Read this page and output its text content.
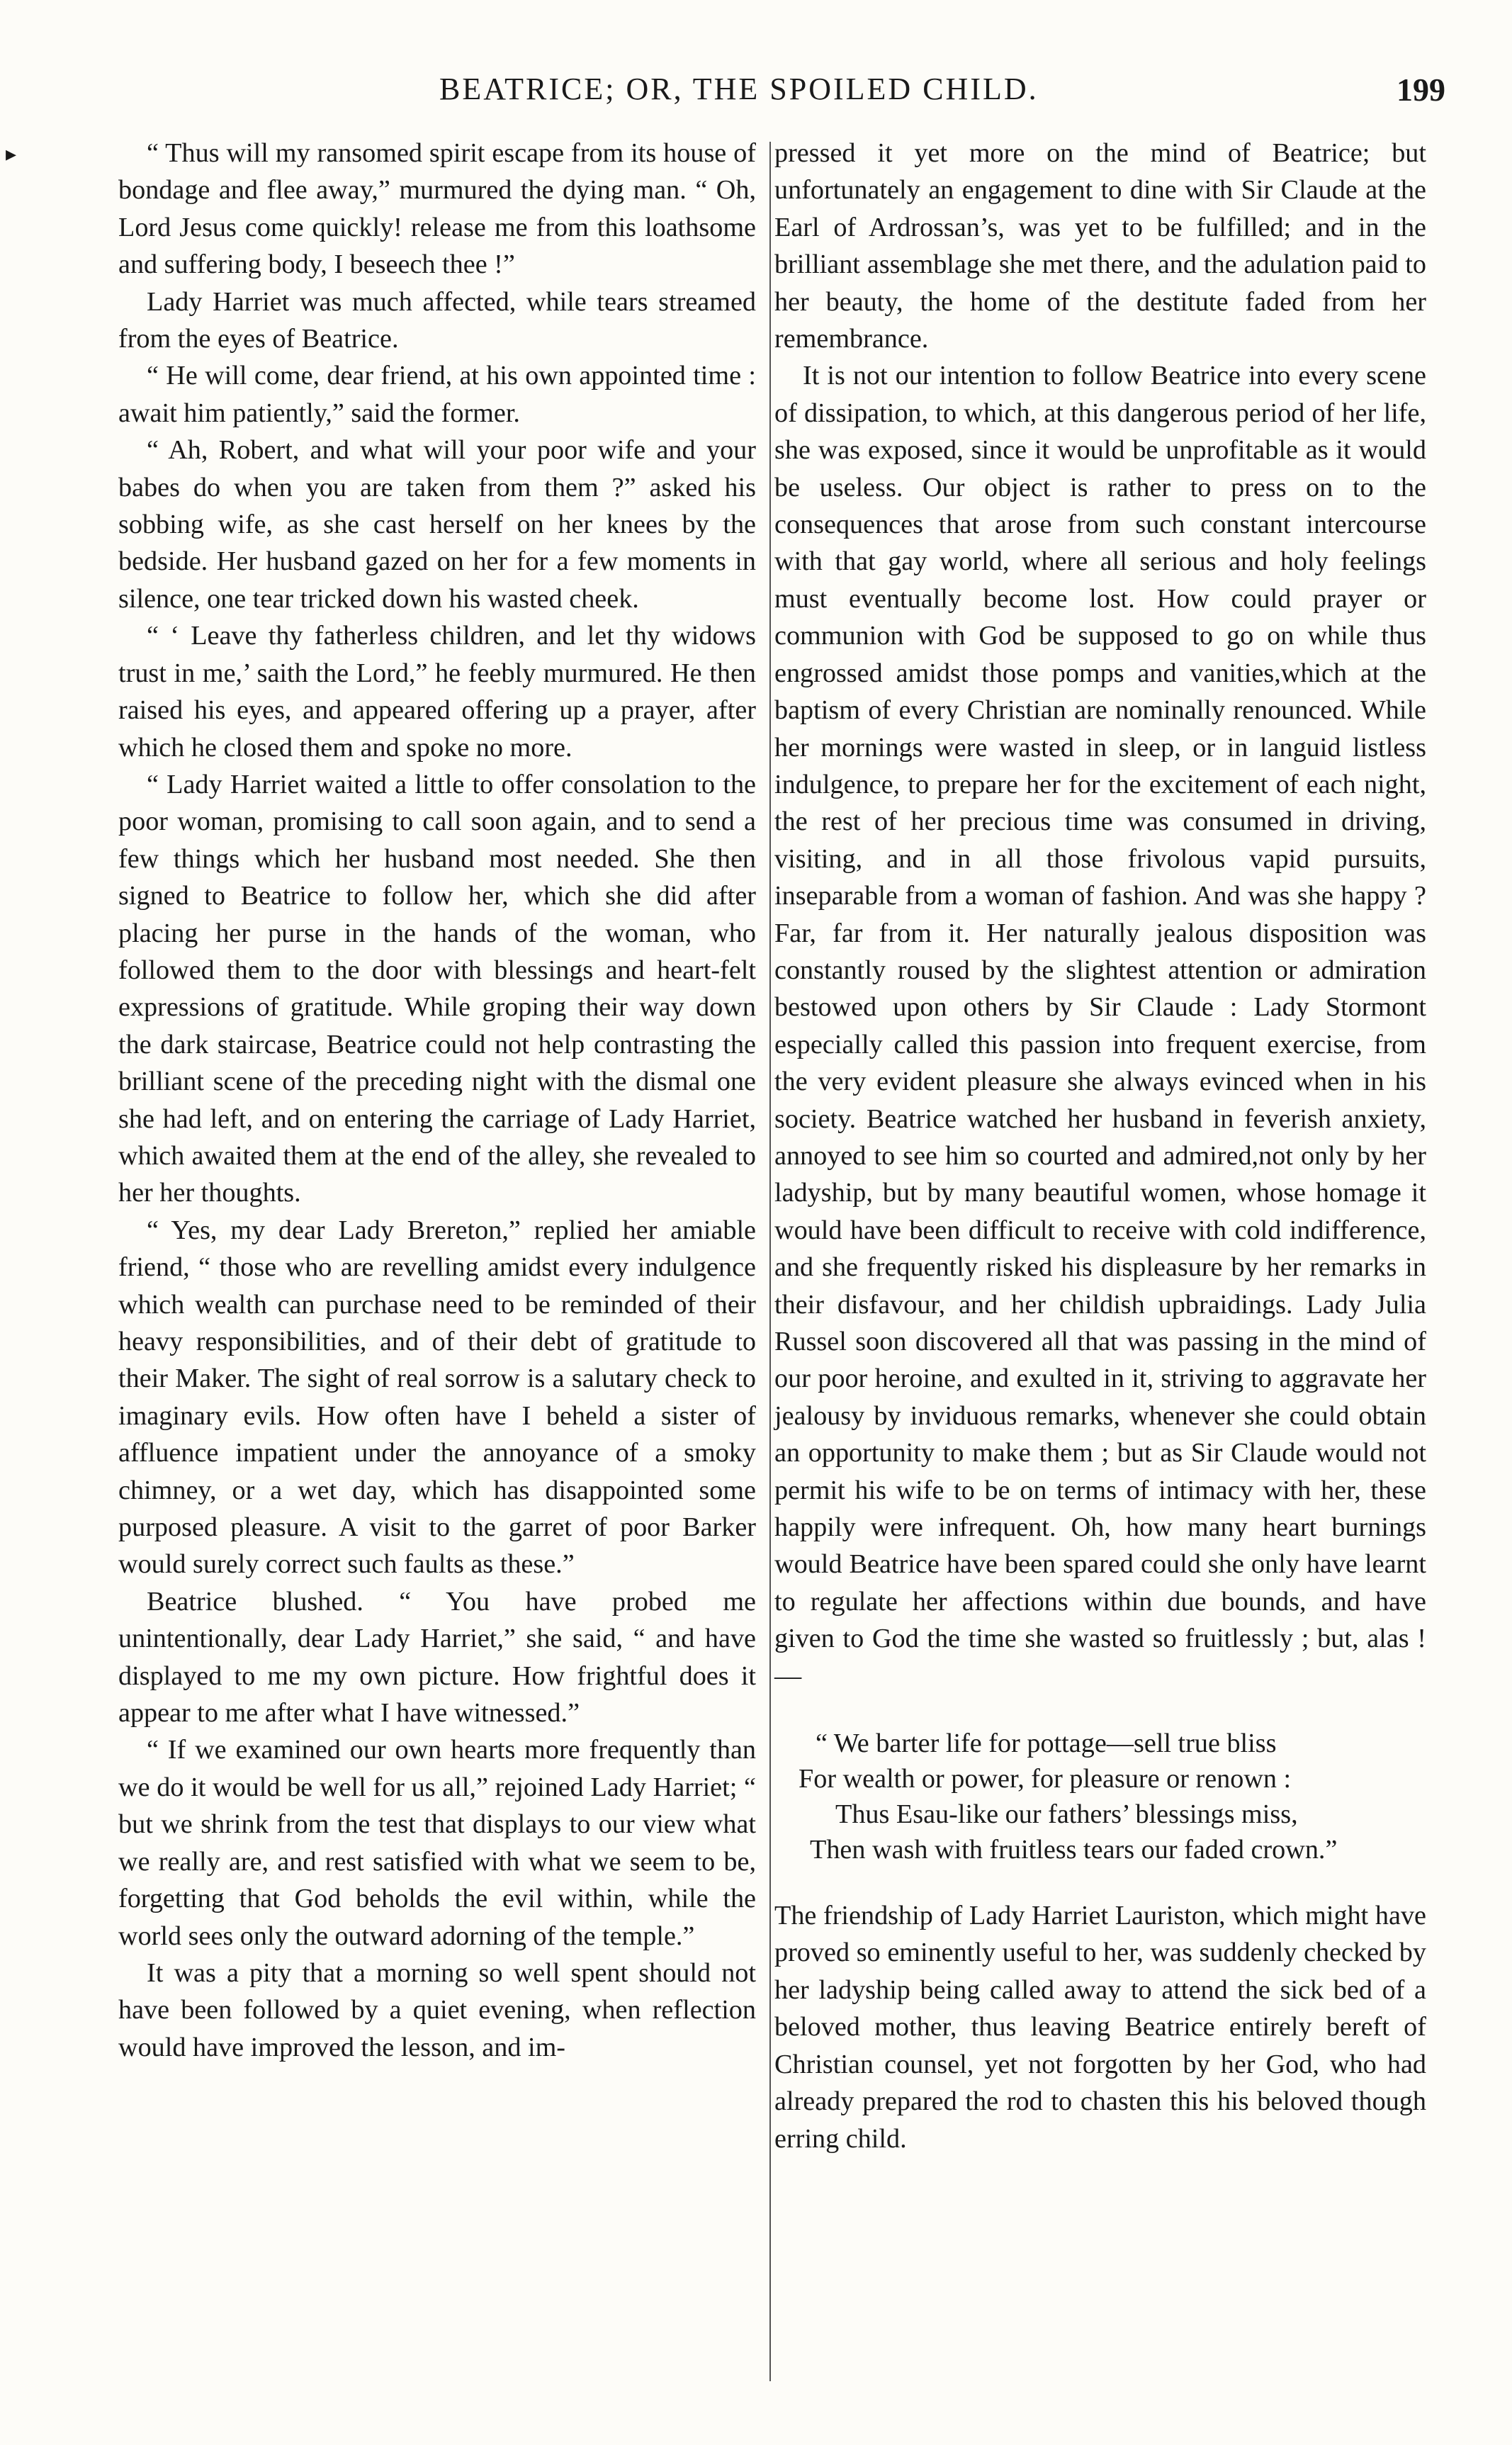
BEATRICE; OR, THE SPOILED CHILD.	199
▸	“ Thus will my ransomed spirit escape from its house of bondage and flee away,” murmured the dying man. “ Oh, Lord Jesus come quickly! release me from this loathsome and suffering body, I beseech thee !”

Lady Harriet was much affected, while tears streamed from the eyes of Beatrice.

“ He will come, dear friend, at his own appointed time : await him patiently,” said the former.

“ Ah, Robert, and what will your poor wife and your babes do when you are taken from them ?” asked his sobbing wife, as she cast herself on her knees by the bedside. Her husband gazed on her for a few moments in silence, one tear tricked down his wasted cheek.

“ ‘ Leave thy fatherless children, and let thy widows trust in me,’ saith the Lord,” he feebly murmured. He then raised his eyes, and appeared offering up a prayer, after which he closed them and spoke no more.

“ Lady Harriet waited a little to offer consolation to the poor woman, promising to call soon again, and to send a few things which her husband most needed. She then signed to Beatrice to follow her, which she did after placing her purse in the hands of the woman, who followed them to the door with blessings and heart-felt expressions of gratitude. While groping their way down the dark staircase, Beatrice could not help contrasting the brilliant scene of the preceding night with the dismal one she had left, and on entering the carriage of Lady Harriet, which awaited them at the end of the alley, she revealed to her her thoughts.

“ Yes, my dear Lady Brereton,” replied her amiable friend, “ those who are revelling amidst every indulgence which wealth can purchase need to be reminded of their heavy responsibilities, and of their debt of gratitude to their Maker. The sight of real sorrow is a salutary check to imaginary evils. How often have I beheld a sister of affluence impatient under the annoyance of a smoky chimney, or a wet day, which has disappointed some purposed pleasure. A visit to the garret of poor Barker would surely correct such faults as these.”

Beatrice blushed. “ You have probed me unintentionally, dear Lady Harriet,” she said, “ and have displayed to me my own picture. How frightful does it appear to me after what I have witnessed.”

“ If we examined our own hearts more frequently than we do it would be well for us all,” rejoined Lady Harriet; “ but we shrink from the test that displays to our view what we really are, and rest satisfied with what we seem to be, forgetting that God beholds the evil within, while the world sees only the outward adorning of the temple.”

It was a pity that a morning so well spent should not have been followed by a quiet evening, when reflection would have improved the lesson, and im-

pressed it yet more on the mind of Beatrice; but unfortunately an engagement to dine with Sir Claude at the Earl of Ardrossan’s, was yet to be fulfilled; and in the brilliant assemblage she met there, and the adulation paid to her beauty, the home of the destitute faded from her remembrance.

It is not our intention to follow Beatrice into every scene of dissipation, to which, at this dangerous period of her life, she was exposed, since it would be unprofitable as it would be useless. Our object is rather to press on to the consequences that arose from such constant intercourse with that gay world, where all serious and holy feelings must eventually become lost. How could prayer or communion with God be supposed to go on while thus engrossed amidst those pomps and vanities,which at the baptism of every Christian are nominally renounced. While her mornings were wasted in sleep, or in languid listless indulgence, to prepare her for the excitement of each night, the rest of her precious time was consumed in driving, visiting, and in all those frivolous vapid pursuits, inseparable from a woman of fashion. And was she happy ? Far, far from it. Her naturally jealous disposition was constantly roused by the slightest attention or admiration bestowed upon others by Sir Claude : Lady Stormont especially called this passion into frequent exercise, from the very evident pleasure she always evinced when in his society. Beatrice watched her husband in feverish anxiety, annoyed to see him so courted and admired,not only by her ladyship, but by many beautiful women, whose homage it would have been difficult to receive with cold indifference, and she frequently risked his displeasure by her remarks in their disfavour, and her childish upbraidings. Lady Julia Russel soon discovered all that was passing in the mind of our poor heroine, and exulted in it, striving to aggravate her jealousy by inviduous remarks, whenever she could obtain an opportunity to make them ; but as Sir Claude would not permit his wife to be on terms of intimacy with her, these happily were infrequent. Oh, how many heart burnings would Beatrice have been spared could she only have learnt to regulate her affections within due bounds, and have given to God the time she wasted so fruitlessly ; but, alas !—

“ We barter life for pottage—sell true bliss
For wealth or power, for pleasure or renown :
Thus Esau-like our fathers’ blessings miss,
Then wash with fruitless tears our faded crown.”

The friendship of Lady Harriet Lauriston, which might have proved so eminently useful to her, was suddenly checked by her ladyship being called away to attend the sick bed of a beloved mother, thus leaving Beatrice entirely bereft of Christian counsel, yet not forgotten by her God, who had already prepared the rod to chasten this his beloved though erring child.
